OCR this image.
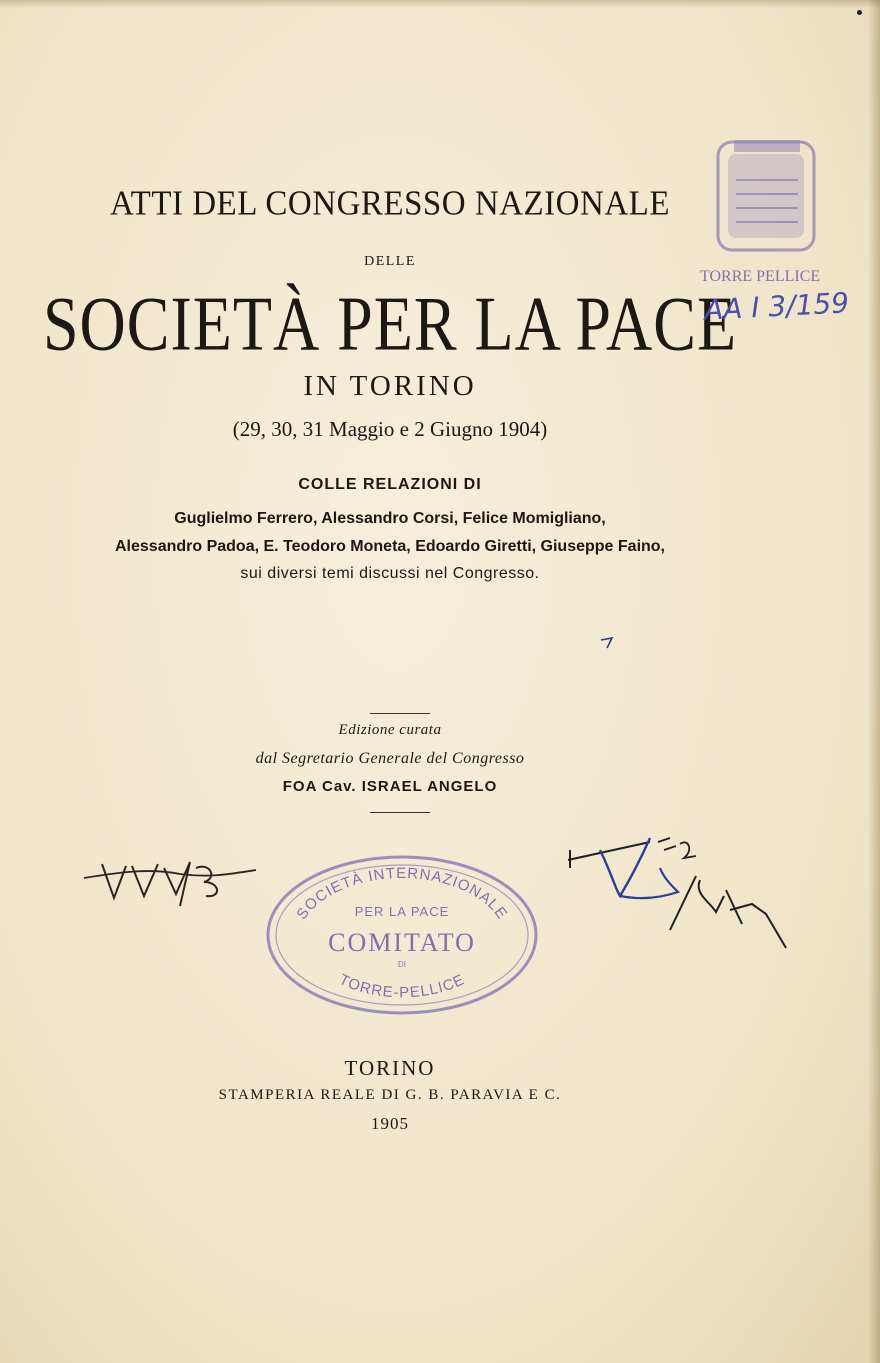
ATTI DEL CONGRESSO NAZIONALE
DELLE
SOCIETÀ PER LA PACE
IN TORINO
(29, 30, 31 Maggio e 2 Giugno 1904)
COLLE RELAZIONI DI
Guglielmo Ferrero, Alessandro Corsi, Felice Momigliano,
Alessandro Padoa, E. Teodoro Moneta, Edoardo Giretti, Giuseppe Faino,
sui diversi temi discussi nel Congresso.
Edizione curata
dal Segretario Generale del Congresso
FOA Cav. ISRAEL ANGELO
TORRE PELLICE
AA I 3/159
SOCIETÀ INTERNAZIONALE
PER LA PACE
COMITATO
DI
TORRE-PELLICE
TORINO
STAMPERIA REALE DI G. B. PARAVIA E C.
1905
